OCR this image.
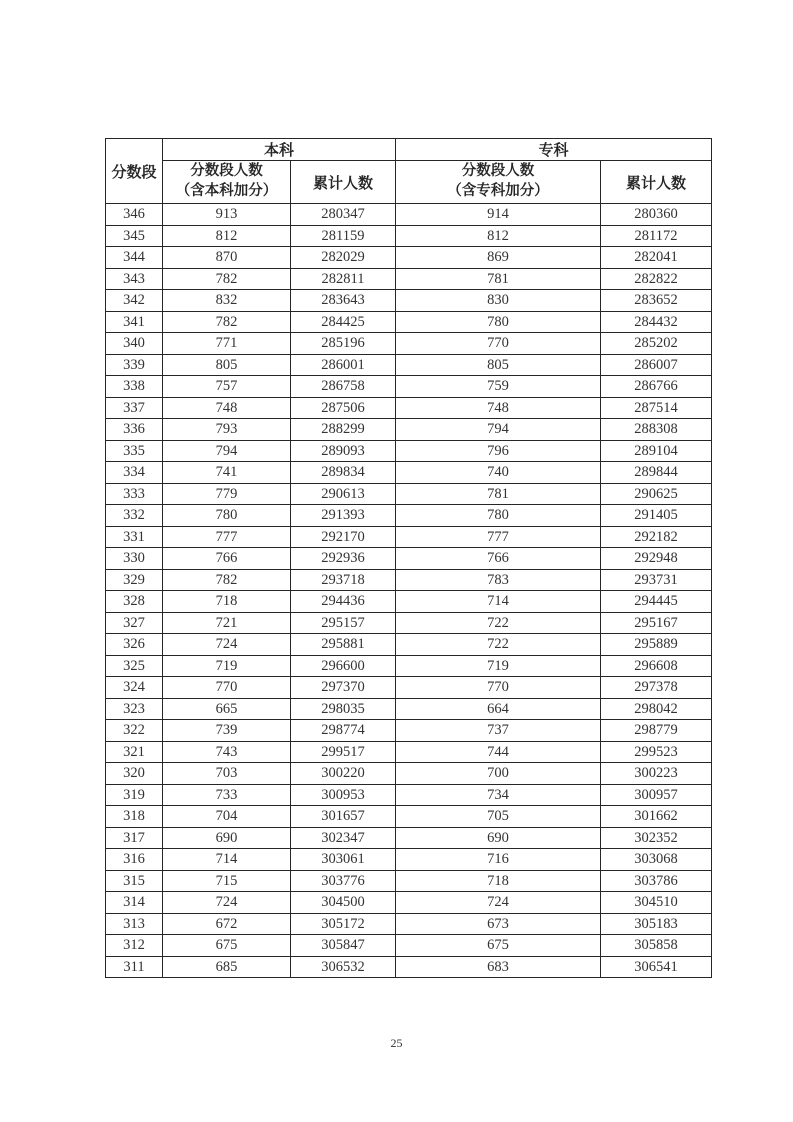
分数段	本科		专科	

分数段人数
（含本科加分）	累计人数	
分数段人数
（含专科加分）	累计人数
346	913	280347	914	280360
345	812	281159	812	281172
344	870	282029	869	282041
343	782	282811	781	282822
342	832	283643	830	283652
341	782	284425	780	284432
340	771	285196	770	285202
339	805	286001	805	286007
338	757	286758	759	286766
337	748	287506	748	287514
336	793	288299	794	288308
335	794	289093	796	289104
334	741	289834	740	289844
333	779	290613	781	290625
332	780	291393	780	291405
331	777	292170	777	292182
330	766	292936	766	292948
329	782	293718	783	293731
328	718	294436	714	294445
327	721	295157	722	295167
326	724	295881	722	295889
325	719	296600	719	296608
324	770	297370	770	297378
323	665	298035	664	298042
322	739	298774	737	298779
321	743	299517	744	299523
320	703	300220	700	300223
319	733	300953	734	300957
318	704	301657	705	301662
317	690	302347	690	302352
316	714	303061	716	303068
315	715	303776	718	303786
314	724	304500	724	304510
313	672	305172	673	305183
312	675	305847	675	305858
311	685	306532	683	306541
25
